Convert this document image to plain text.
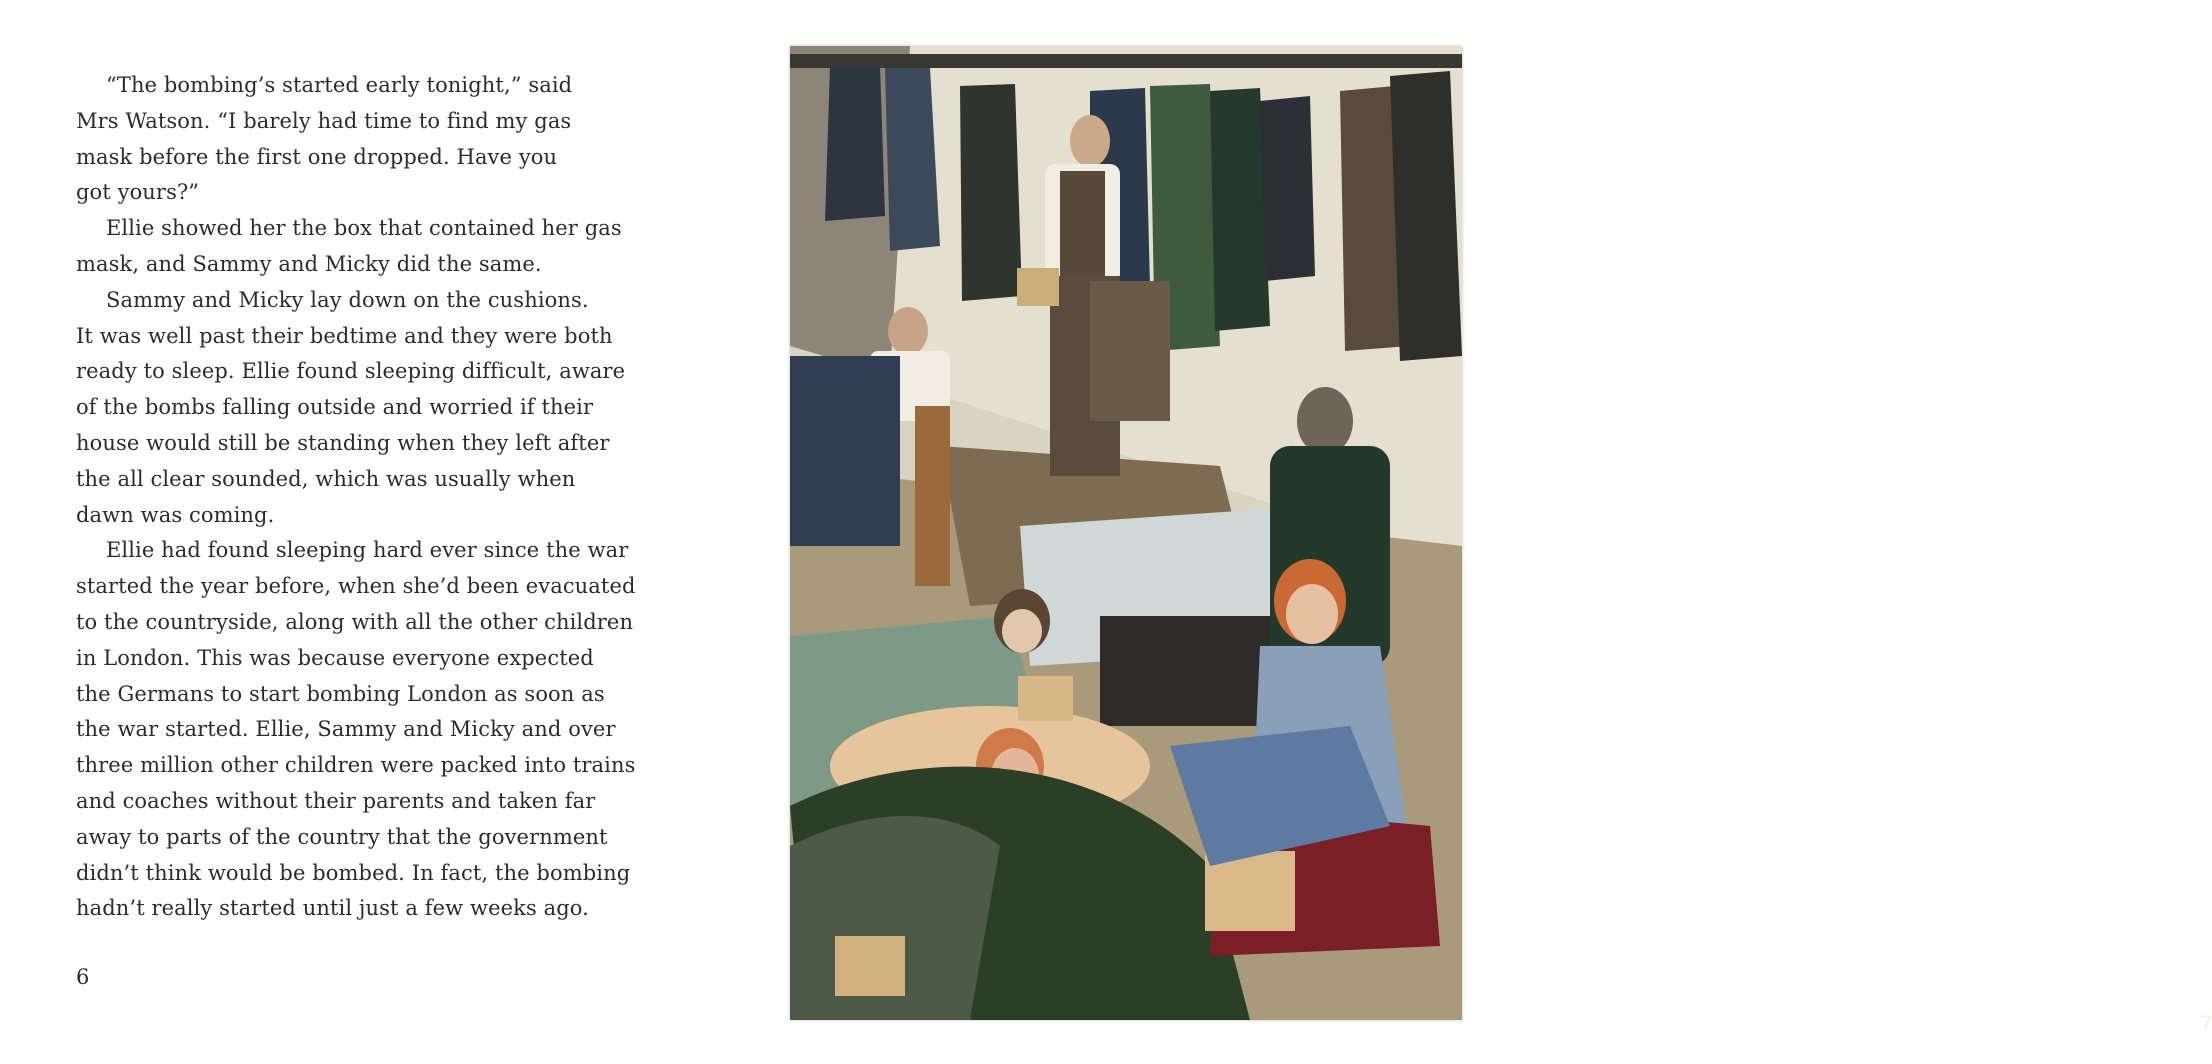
“The bombing’s started early tonight,” said
Mrs Watson. “I barely had time to find my gas
mask before the first one dropped. Have you
got yours?”

Ellie showed her the box that contained her gas
mask, and Sammy and Micky did the same.

Sammy and Micky lay down on the cushions.
It was well past their bedtime and they were both
ready to sleep. Ellie found sleeping difficult, aware
of the bombs falling outside and worried if their
house would still be standing when they left after
the all clear sounded, which was usually when
dawn was coming.

Ellie had found sleeping hard ever since the war
started the year before, when she’d been evacuated
to the countryside, along with all the other children
in London. This was because everyone expected
the Germans to start bombing London as soon as
the war started. Ellie, Sammy and Micky and over
three million other children were packed into trains
and coaches without their parents and taken far
away to parts of the country that the government
didn’t think would be bombed. In fact, the bombing
hadn’t really started until just a few weeks ago.

6
7
